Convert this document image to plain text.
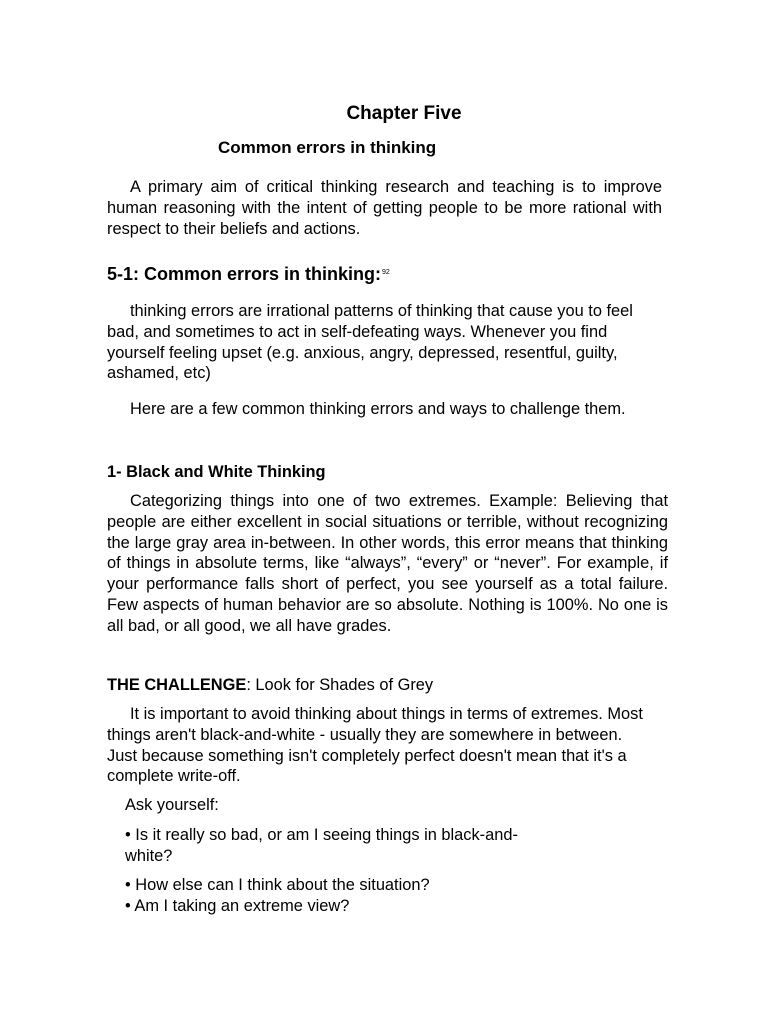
Chapter Five
Common errors in thinking

A primary aim of critical thinking research and teaching is to improve human reasoning with the intent of getting people to be more rational with respect to their beliefs and actions.

5-1: Common errors in thinking:$^{92}$

thinking errors are irrational patterns of thinking that cause you to feel bad, and sometimes to act in self-defeating ways. Whenever you find yourself feeling upset (e.g. anxious, angry, depressed, resentful, guilty, ashamed, etc)

Here are a few common thinking errors and ways to challenge them.

1- Black and White Thinking

Categorizing things into one of two extremes. Example: Believing that people are either excellent in social situations or terrible, without recognizing the large gray area in-between. In other words, this error means that thinking of things in absolute terms, like “always”, “every” or “never”. For example, if your performance falls short of perfect, you see yourself as a total failure. Few aspects of human behavior are so absolute. Nothing is 100%. No one is all bad, or all good, we all have grades.

THE CHALLENGE: Look for Shades of Grey

It is important to avoid thinking about things in terms of extremes. Most things aren't black-and-white - usually they are somewhere in between. Just because something isn't completely perfect doesn't mean that it's a complete write-off.

Ask yourself:

• Is it really so bad, or am I seeing things in black-and-white?

• How else can I think about the situation?

• Am I taking an extreme view?
